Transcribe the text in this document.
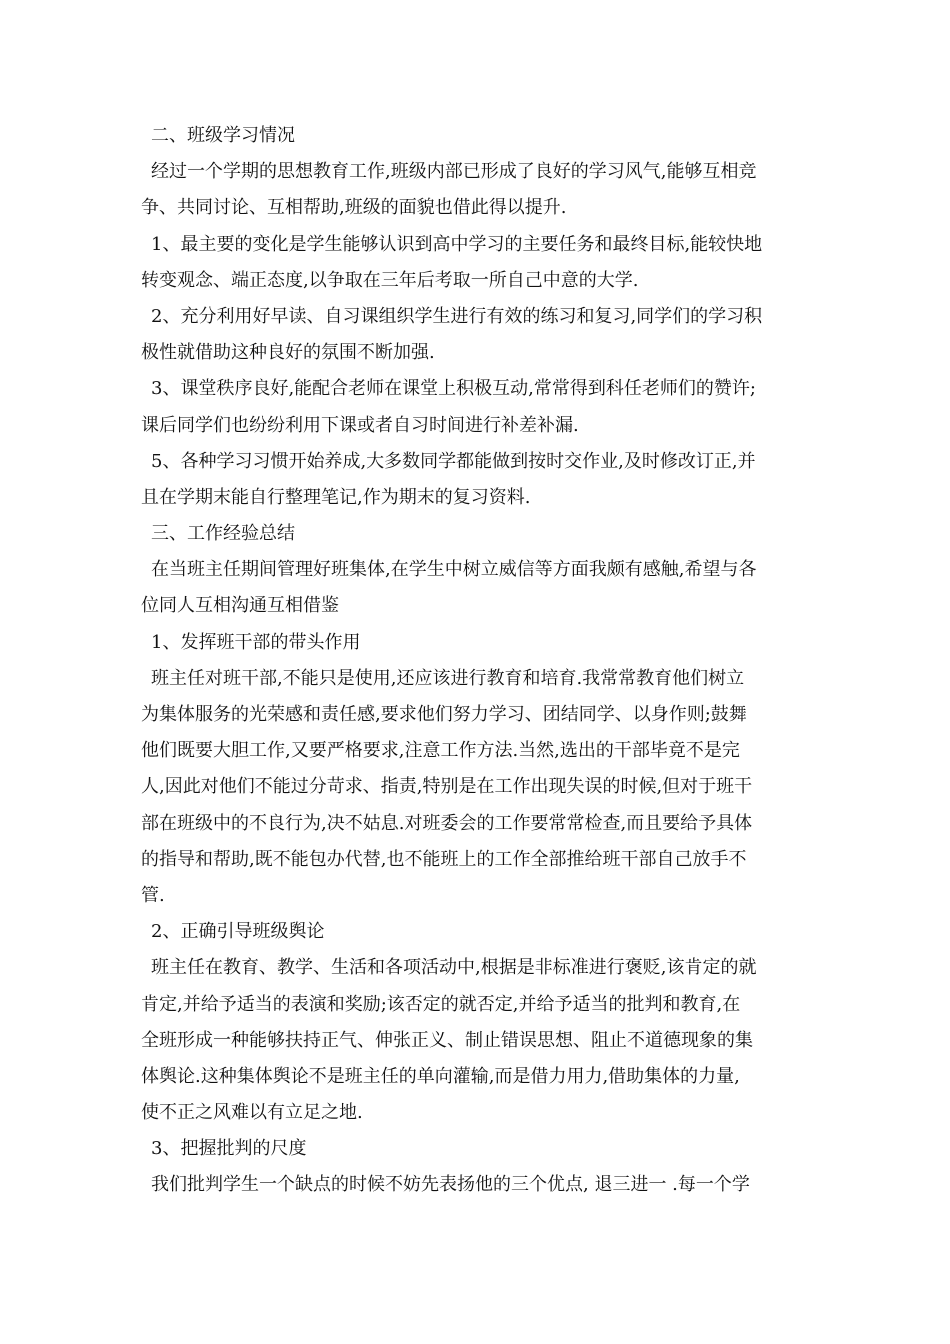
二、班级学习情况
经过一个学期的思想教育工作,班级内部已形成了良好的学习风气,能够互相竞
争、共同讨论、互相帮助,班级的面貌也借此得以提升.
1、最主要的变化是学生能够认识到高中学习的主要任务和最终目标,能较快地
转变观念、端正态度,以争取在三年后考取一所自己中意的大学.
2、充分利用好早读、自习课组织学生进行有效的练习和复习,同学们的学习积
极性就借助这种良好的氛围不断加强.
3、课堂秩序良好,能配合老师在课堂上积极互动,常常得到科任老师们的赞许;
课后同学们也纷纷利用下课或者自习时间进行补差补漏.
5、各种学习习惯开始养成,大多数同学都能做到按时交作业,及时修改订正,并
且在学期末能自行整理笔记,作为期末的复习资料.
三、工作经验总结
在当班主任期间管理好班集体,在学生中树立威信等方面我颇有感触,希望与各
位同人互相沟通互相借鉴
1、发挥班干部的带头作用
班主任对班干部,不能只是使用,还应该进行教育和培育.我常常教育他们树立
为集体服务的光荣感和责任感,要求他们努力学习、团结同学、以身作则;鼓舞
他们既要大胆工作,又要严格要求,注意工作方法.当然,选出的干部毕竟不是完
人,因此对他们不能过分苛求、指责,特别是在工作出现失误的时候,但对于班干
部在班级中的不良行为,决不姑息.对班委会的工作要常常检查,而且要给予具体
的指导和帮助,既不能包办代替,也不能班上的工作全部推给班干部自己放手不
管.
2、正确引导班级舆论
班主任在教育、教学、生活和各项活动中,根据是非标准进行褒贬,该肯定的就
肯定,并给予适当的表演和奖励;该否定的就否定,并给予适当的批判和教育,在
全班形成一种能够扶持正气、伸张正义、制止错误思想、阻止不道德现象的集
体舆论.这种集体舆论不是班主任的单向灌输,而是借力用力,借助集体的力量,
使不正之风难以有立足之地.
3、把握批判的尺度
我们批判学生一个缺点的时候不妨先表扬他的三个优点, 退三进一 .每一个学
